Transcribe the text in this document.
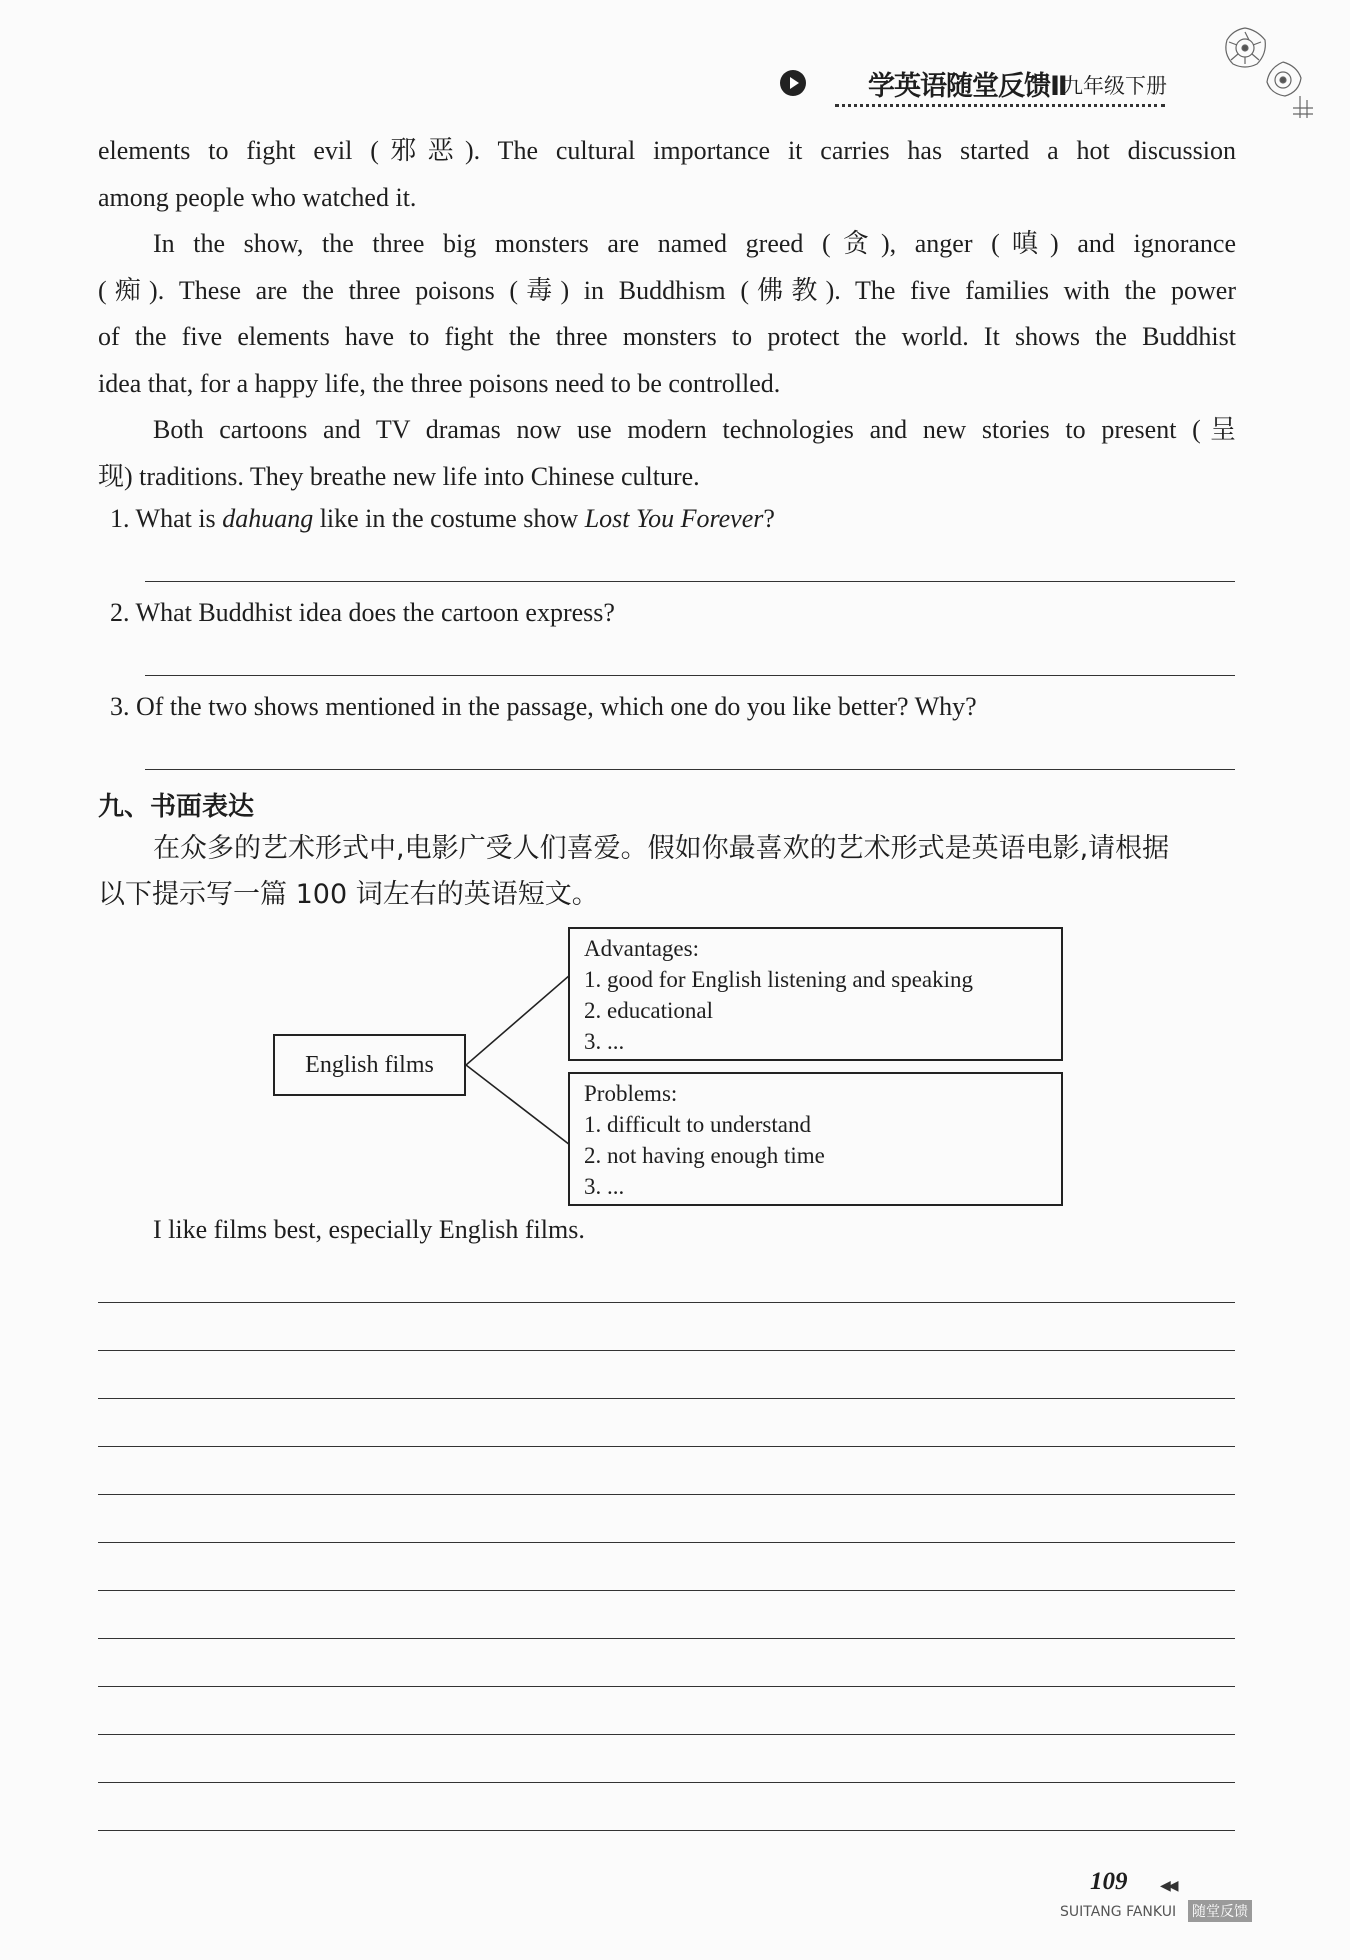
学英语随堂反馈Ⅱ
九年级下册
elements to fight evil (邪恶). The cultural importance it carries has started a hot discussion
among people who watched it.
In the show, the three big monsters are named greed (贪), anger (嗔) and ignorance
(痴). These are the three poisons (毒) in Buddhism (佛教). The five families with the power
of the five elements have to fight the three monsters to protect the world. It shows the Buddhist
idea that, for a happy life, the three poisons need to be controlled.
Both cartoons and TV dramas now use modern technologies and new stories to present (呈
现) traditions. They breathe new life into Chinese culture.
1. What is dahuang like in the costume show Lost You Forever?
2. What Buddhist idea does the cartoon express?
3. Of the two shows mentioned in the passage, which one do you like better? Why?
九、书面表达
在众多的艺术形式中,电影广受人们喜爱。假如你最喜欢的艺术形式是英语电影,请根据
以下提示写一篇 100 词左右的英语短文。
English films
Advantages:
1. good for English listening and speaking
2. educational
3. ...
Problems:
1. difficult to understand
2. not having enough time
3. ...
I like films best, especially English films.
109 ◀◀
SUITANG FANKUI 随堂反馈
